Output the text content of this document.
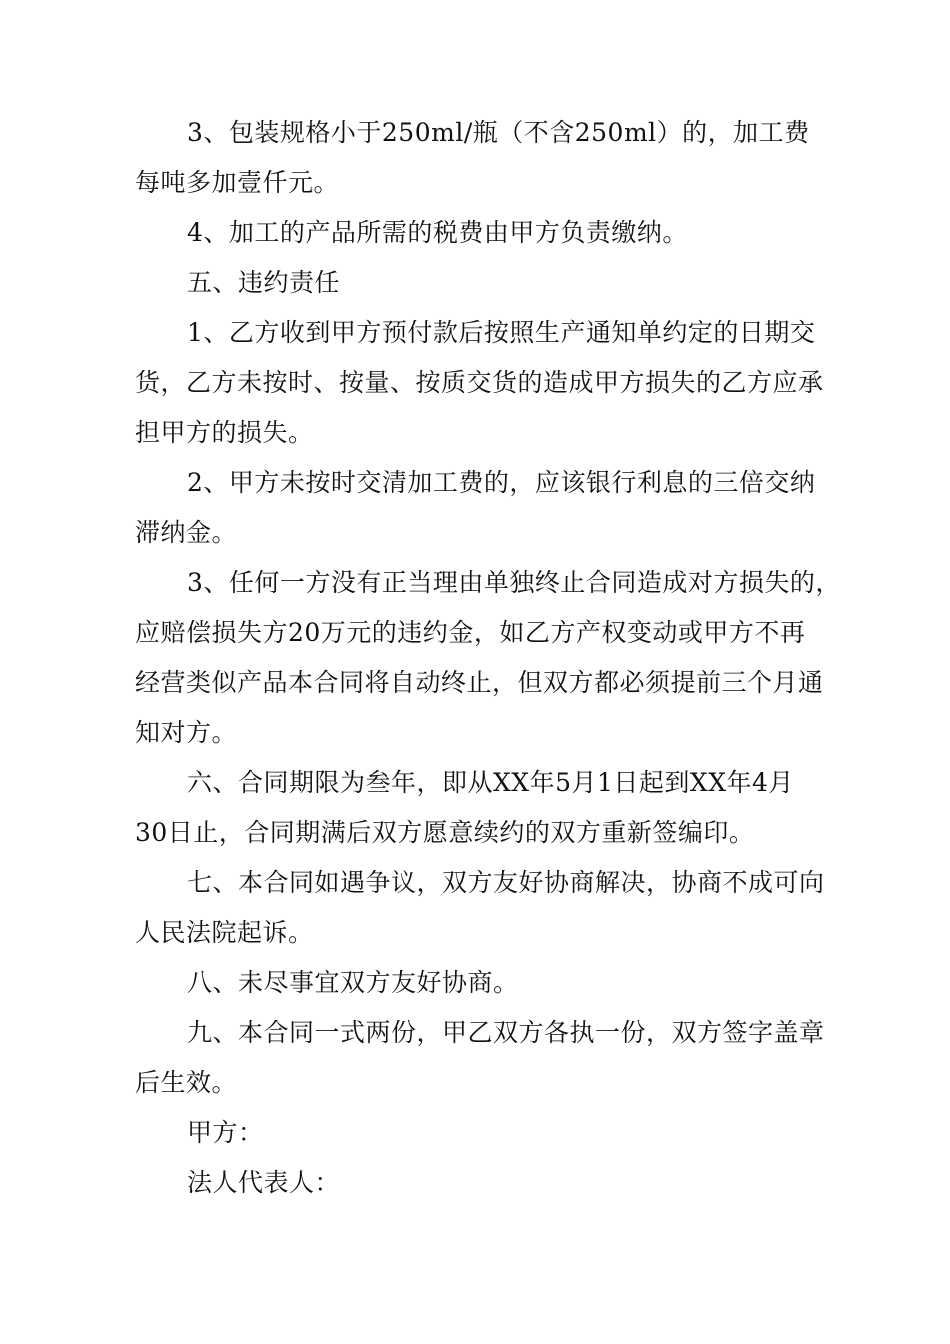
3、包装规格小于250ml/瓶（不含250ml）的，加工费
每吨多加壹仟元。
4、加工的产品所需的税费由甲方负责缴纳。
五、违约责任
1、乙方收到甲方预付款后按照生产通知单约定的日期交
货，乙方未按时、按量、按质交货的造成甲方损失的乙方应承
担甲方的损失。
2、甲方未按时交清加工费的，应该银行利息的三倍交纳
滞纳金。
3、任何一方没有正当理由单独终止合同造成对方损失的，
应赔偿损失方20万元的违约金，如乙方产权变动或甲方不再
经营类似产品本合同将自动终止，但双方都必须提前三个月通
知对方。
六、合同期限为叁年，即从XX年5月1日起到XX年4月
30日止，合同期满后双方愿意续约的双方重新签编印。
七、本合同如遇争议，双方友好协商解决，协商不成可向
人民法院起诉。
八、未尽事宜双方友好协商。
九、本合同一式两份，甲乙双方各执一份，双方签字盖章
后生效。
甲方：
法人代表人：
